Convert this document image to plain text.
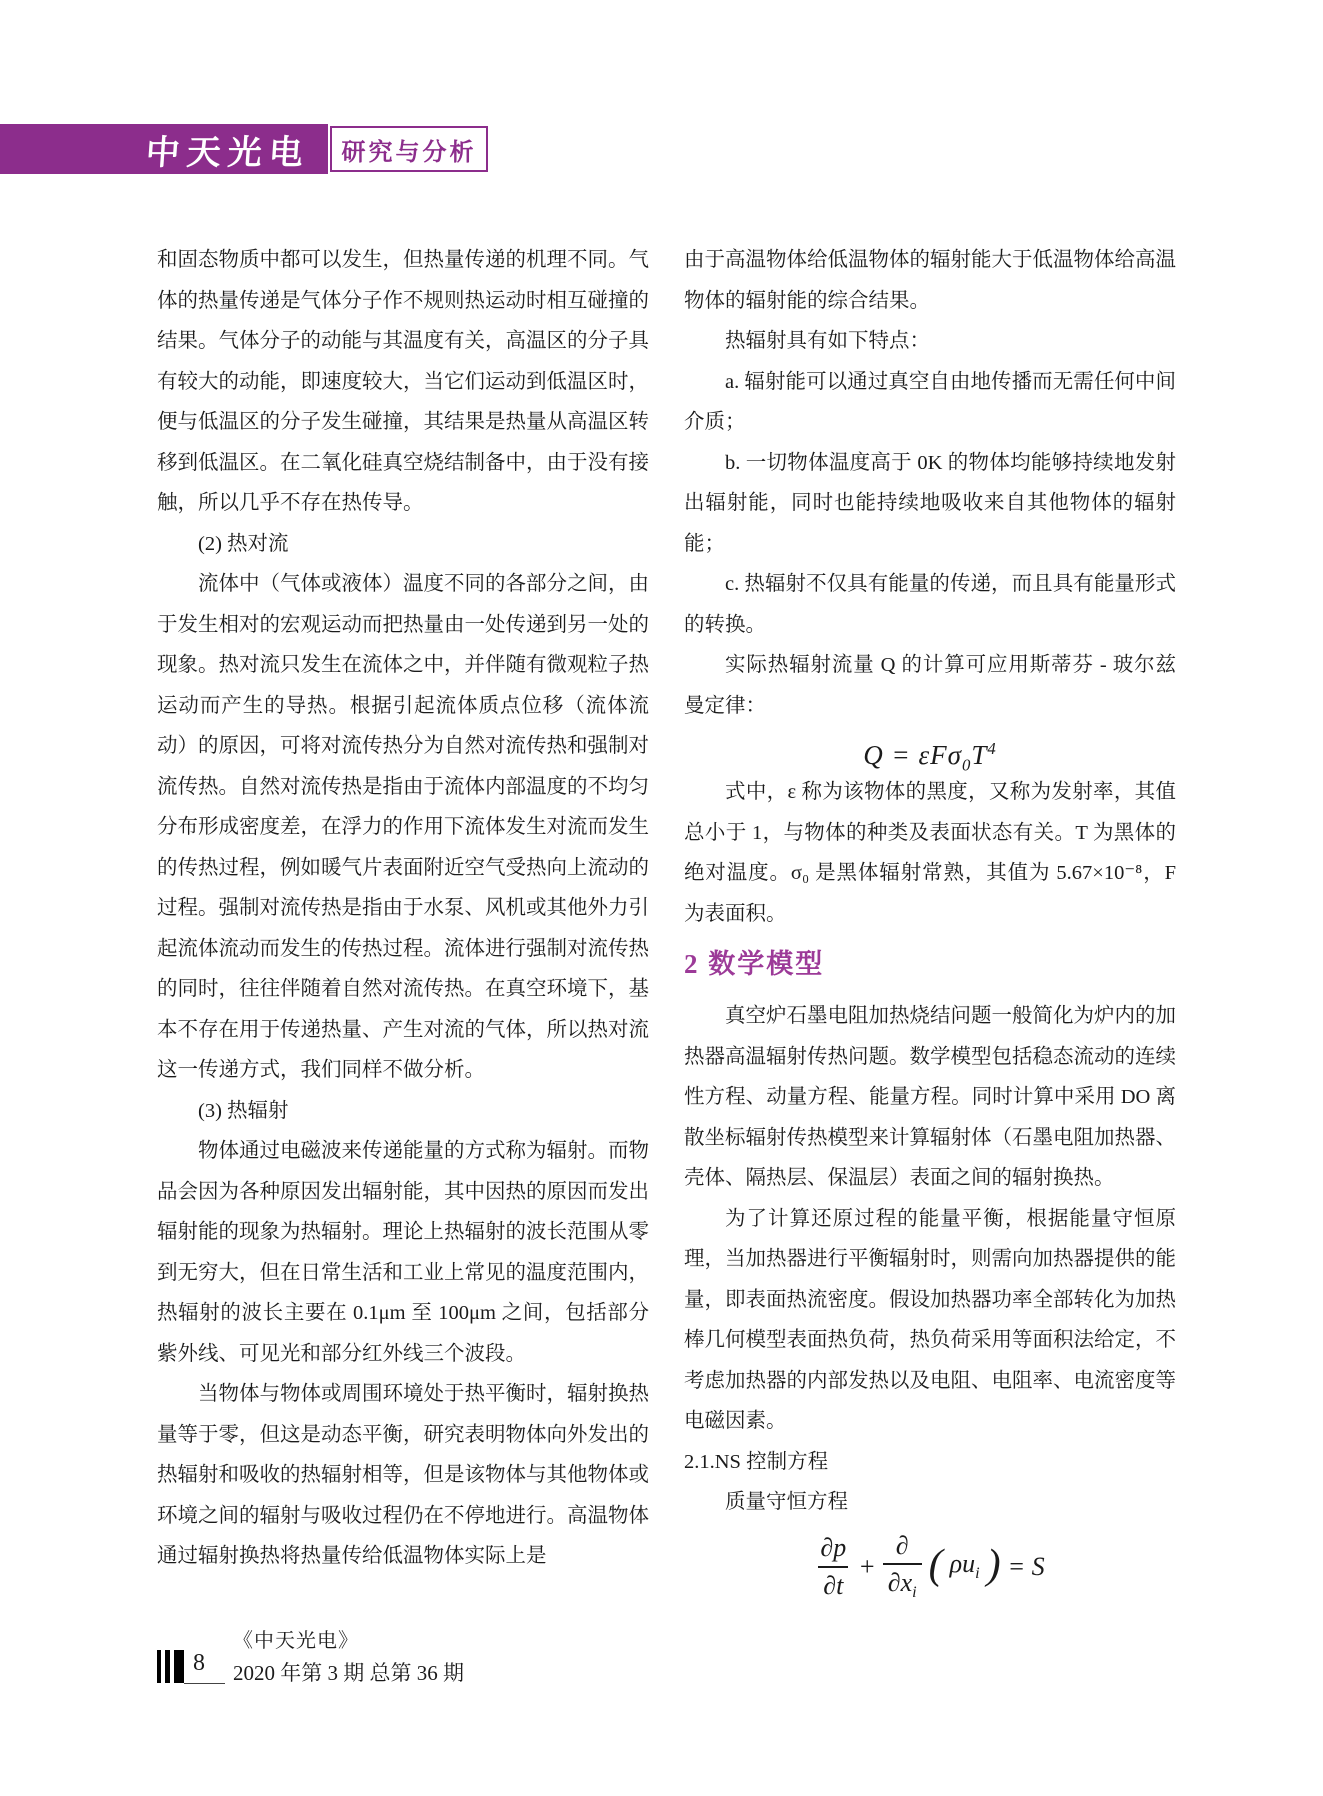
中天光电 研究与分析

和固态物质中都可以发生，但热量传递的机理不同。气体的热量传递是气体分子作不规则热运动时相互碰撞的结果。气体分子的动能与其温度有关，高温区的分子具有较大的动能，即速度较大，当它们运动到低温区时，便与低温区的分子发生碰撞，其结果是热量从高温区转移到低温区。在二氧化硅真空烧结制备中，由于没有接触，所以几乎不存在热传导。

(2) 热对流

流体中（气体或液体）温度不同的各部分之间，由于发生相对的宏观运动而把热量由一处传递到另一处的现象。热对流只发生在流体之中，并伴随有微观粒子热运动而产生的导热。根据引起流体质点位移（流体流动）的原因，可将对流传热分为自然对流传热和强制对流传热。自然对流传热是指由于流体内部温度的不均匀分布形成密度差，在浮力的作用下流体发生对流而发生的传热过程，例如暖气片表面附近空气受热向上流动的过程。强制对流传热是指由于水泵、风机或其他外力引起流体流动而发生的传热过程。流体进行强制对流传热的同时，往往伴随着自然对流传热。在真空环境下，基本不存在用于传递热量、产生对流的气体，所以热对流这一传递方式，我们同样不做分析。

(3) 热辐射

物体通过电磁波来传递能量的方式称为辐射。而物品会因为各种原因发出辐射能，其中因热的原因而发出辐射能的现象为热辐射。理论上热辐射的波长范围从零到无穷大，但在日常生活和工业上常见的温度范围内，热辐射的波长主要在 0.1μm 至 100μm 之间，包括部分紫外线、可见光和部分红外线三个波段。

当物体与物体或周围环境处于热平衡时，辐射换热量等于零，但这是动态平衡，研究表明物体向外发出的热辐射和吸收的热辐射相等，但是该物体与其他物体或环境之间的辐射与吸收过程仍在不停地进行。高温物体通过辐射换热将热量传给低温物体实际上是

由于高温物体给低温物体的辐射能大于低温物体给高温物体的辐射能的综合结果。

热辐射具有如下特点：

a. 辐射能可以通过真空自由地传播而无需任何中间介质；

b. 一切物体温度高于 0K 的物体均能够持续地发射出辐射能，同时也能持续地吸收来自其他物体的辐射能；

c. 热辐射不仅具有能量的传递，而且具有能量形式的转换。

实际热辐射流量 Q 的计算可应用斯蒂芬 - 玻尔兹曼定律：

$Q = \varepsilon F\sigma_0T^4$

式中，ε 称为该物体的黑度，又称为发射率，其值总小于 1，与物体的种类及表面状态有关。T 为黑体的绝对温度。σ₀ 是黑体辐射常熟，其值为 5.67×10⁻⁸，F 为表面积。

2 数学模型

真空炉石墨电阻加热烧结问题一般简化为炉内的加热器高温辐射传热问题。数学模型包括稳态流动的连续性方程、动量方程、能量方程。同时计算中采用 DO 离散坐标辐射传热模型来计算辐射体（石墨电阻加热器、壳体、隔热层、保温层）表面之间的辐射换热。

为了计算还原过程的能量平衡，根据能量守恒原理，当加热器进行平衡辐射时，则需向加热器提供的能量，即表面热流密度。假设加热器功率全部转化为加热棒几何模型表面热负荷，热负荷采用等面积法给定，不考虑加热器的内部发热以及电阻、电阻率、电流密度等电磁因素。

2.1.NS 控制方程

质量守恒方程

$\frac{\partial p}{\partial t} + \frac{\partial}{\partial x_i}$ ( $\rho u_i$ ) = S
8
《中天光电》
2020 年第 3 期 总第 36 期
